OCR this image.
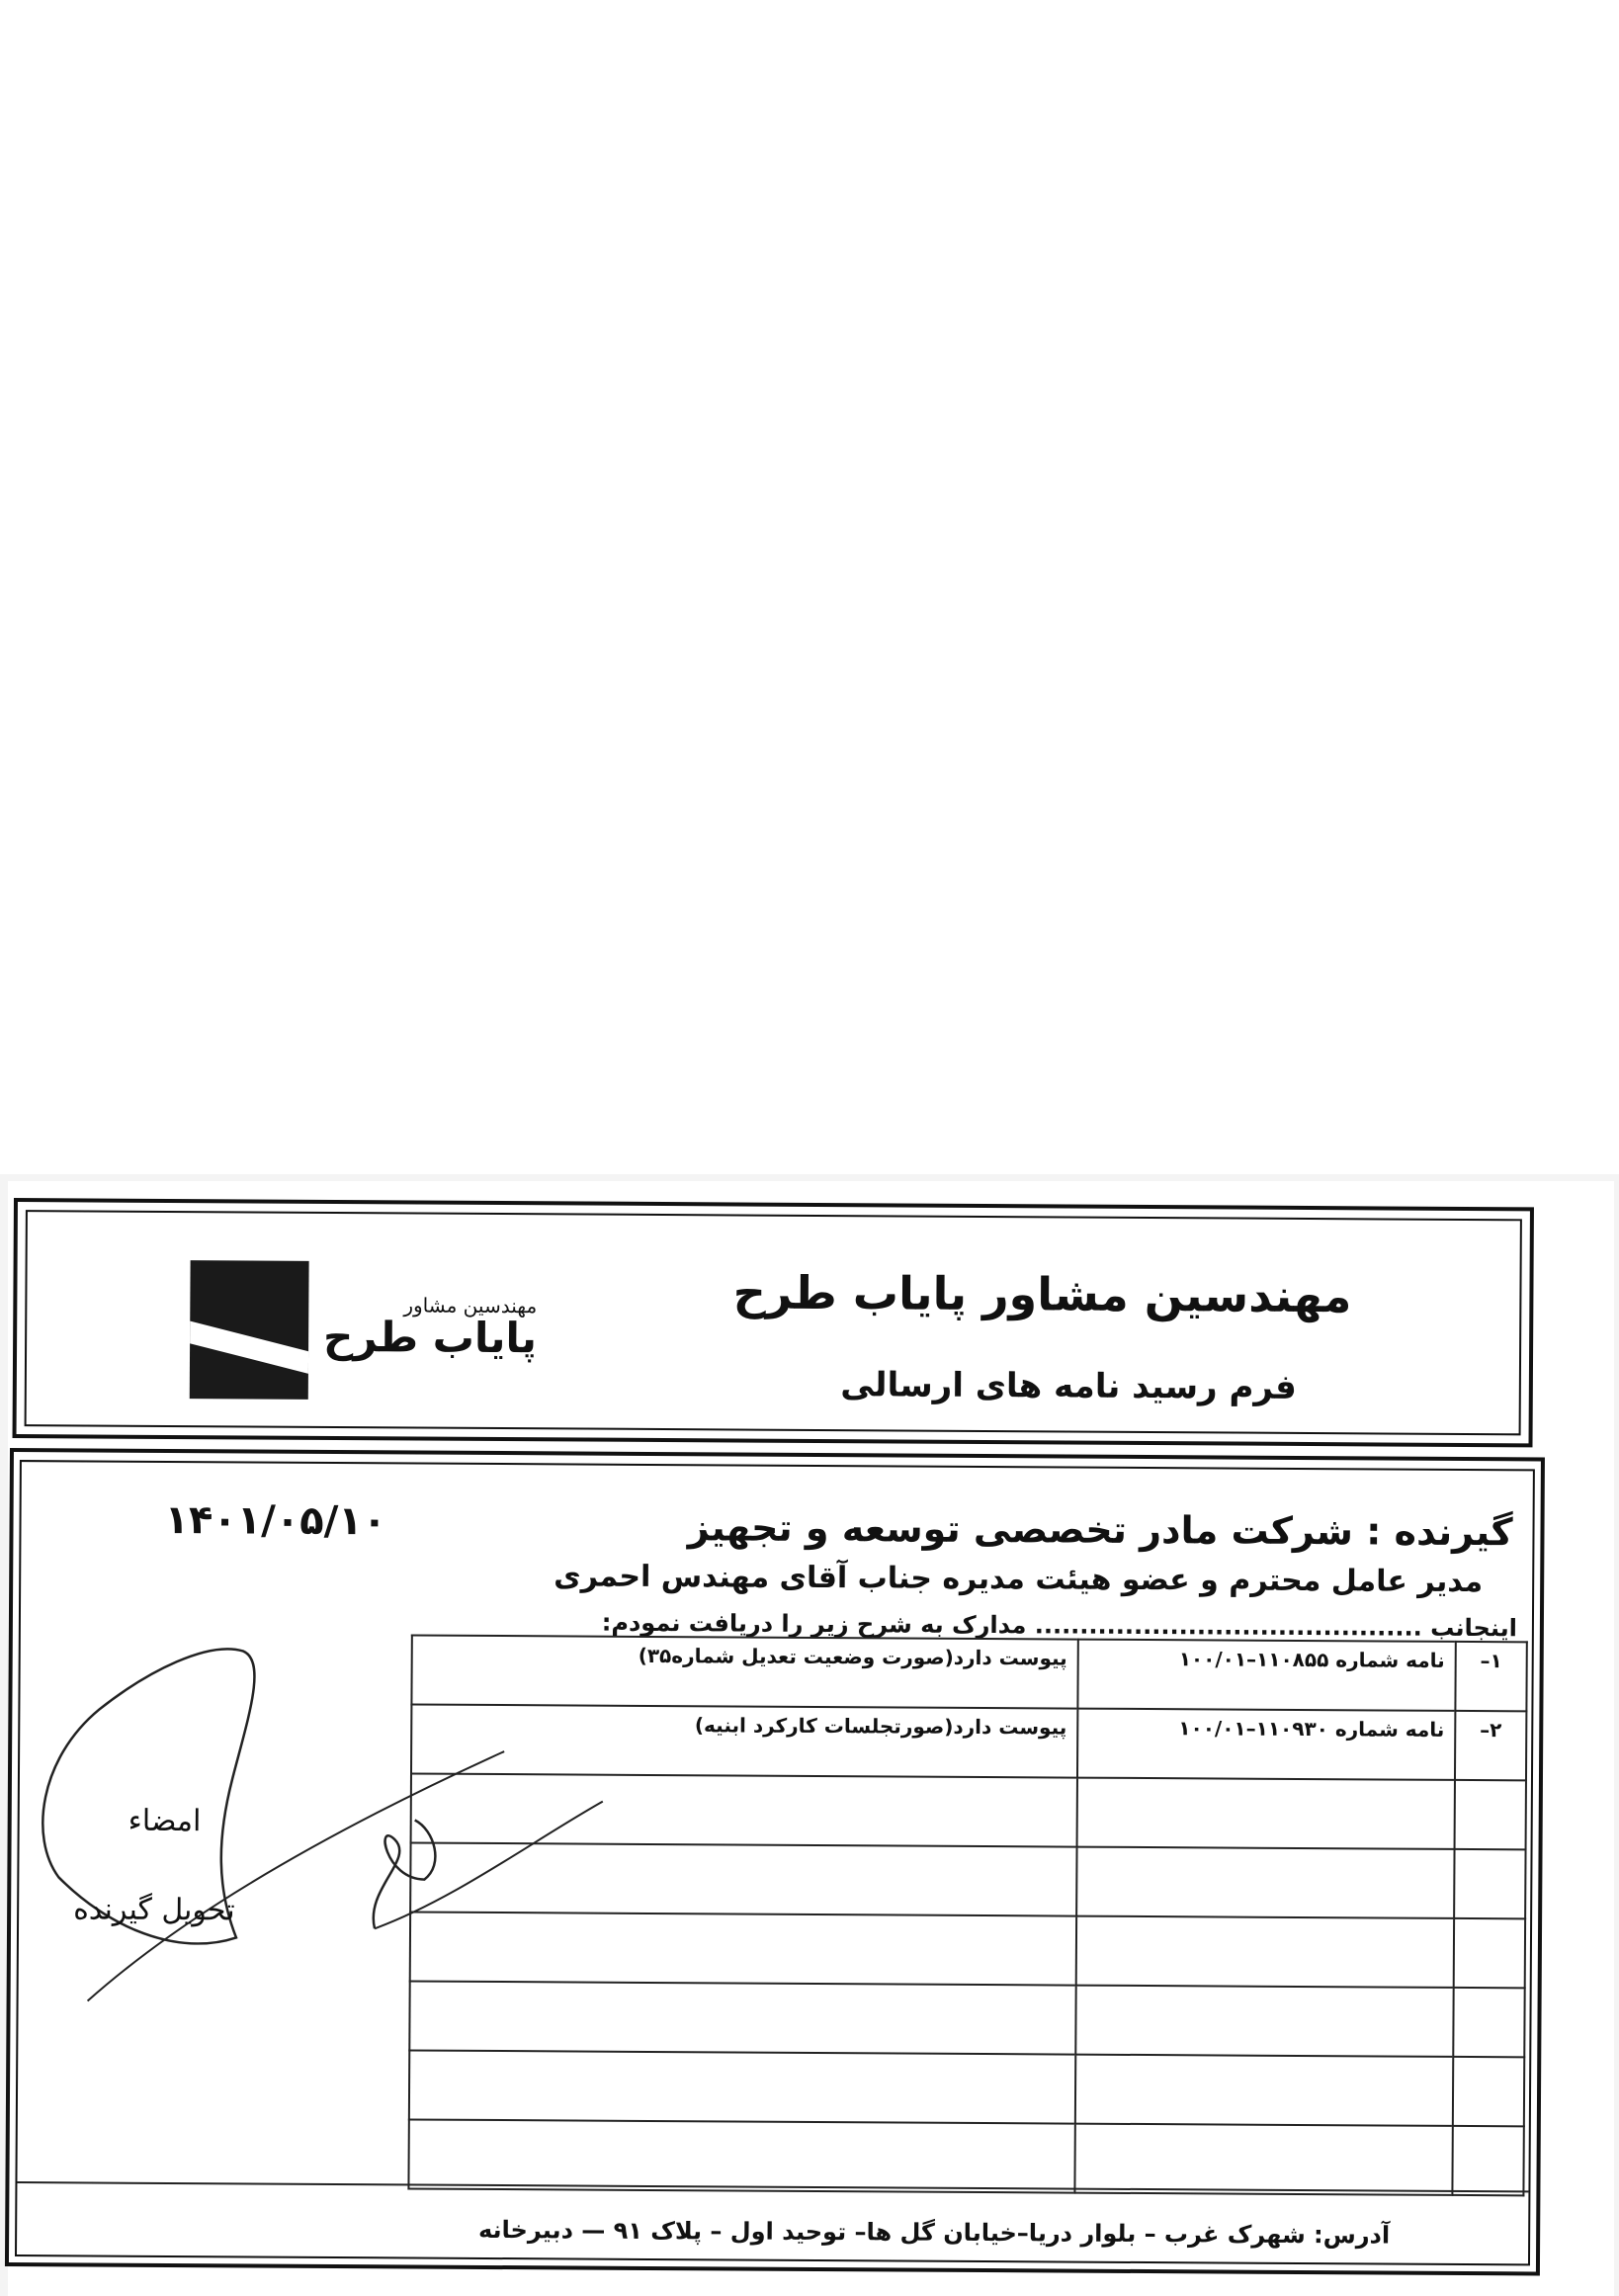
مهندسین مشاور پایاب طرح
فرم رسید نامه های ارسالی
مهندسین مشاور
پایاب طرح
۱۴۰۱/۰۵/۱۰	گیرنده : شرکت مادر تخصصی توسعه و تجهیز
مدیر عامل محترم و عضو هیئت مدیره جناب آقای مهندس احمری
اینجانب ........................................... مدارک به شرح زیر را دریافت نمودم:
۱–	نامه شماره ۱۱۰۸۵۵–۱۰۰/۰۱	پیوست دارد(صورت وضعیت تعدیل شماره۳۵)
۲–	نامه شماره ۱۱۰۹۳۰–۱۰۰/۰۱	پیوست دارد(صورتجلسات کارکرد ابنیه)

امضاء
تحویل گیرنده
آدرس: شهرک غرب – بلوار دریا–خیابان گل ها– توحید اول – پلاک ۹۱ — دبیرخانه
